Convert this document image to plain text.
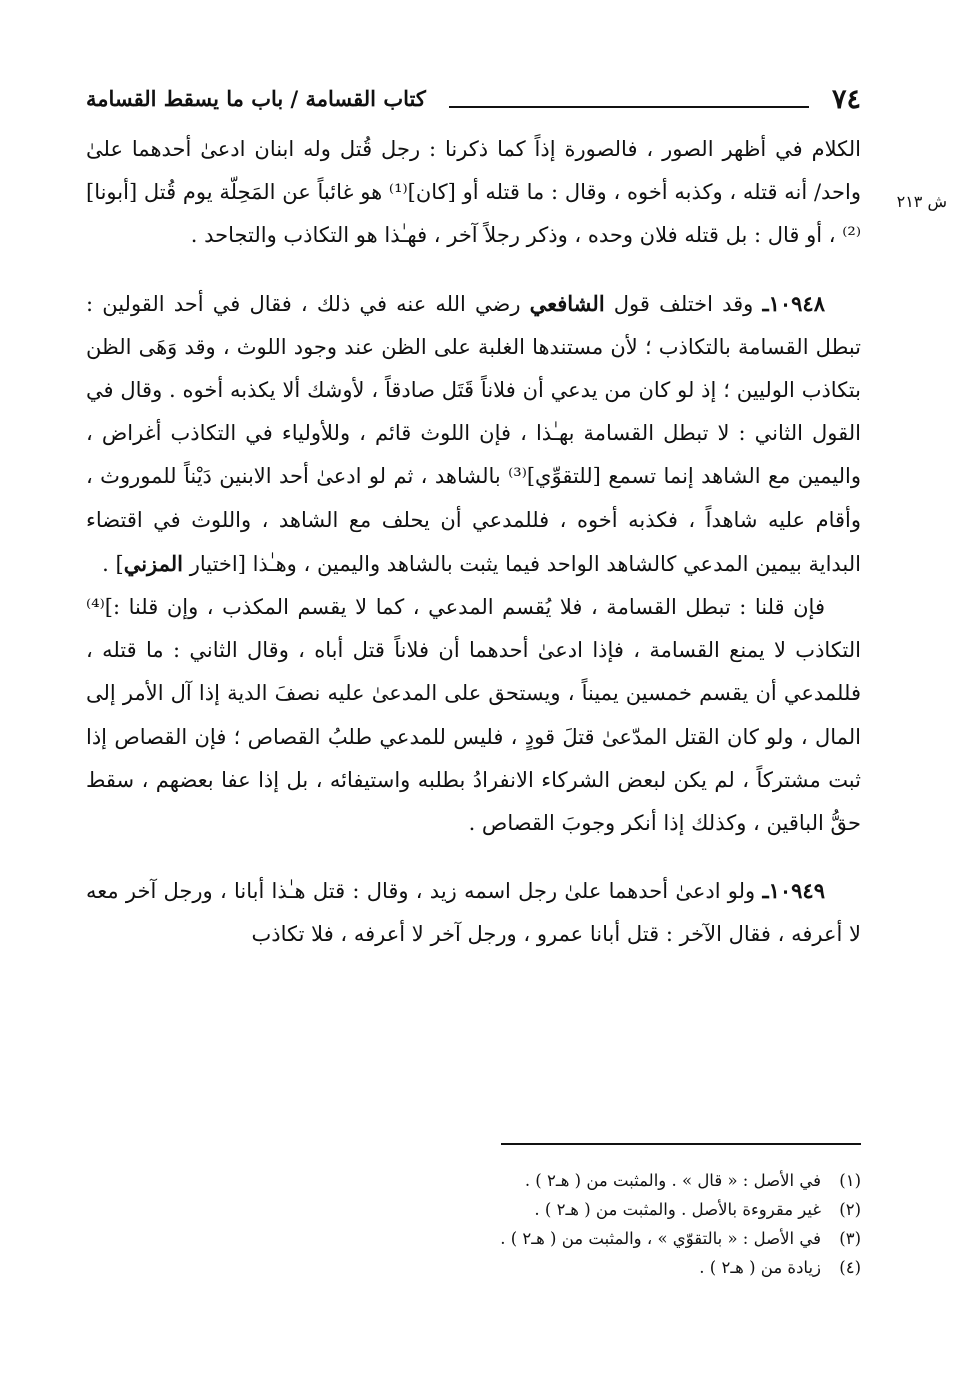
٧٤
كتاب القسامة / باب ما يسقط القسامة
ش ٢١٣

الكلام في أظهر الصور ، فالصورة إذاً كما ذكرنا : رجل قُتل وله ابنان ادعىٰ أحدهما علىٰ واحد/ أنه قتله ، وكذبه أخوه ، وقال : ما قتله أو [كان]⁽¹⁾ هو غائباً عن المَحِلّة يوم قُتل [أبونا]⁽²⁾ ، أو قال : بل قتله فلان وحده ، وذكر رجلاً آخر ، فهـٰذا هو التكاذب والتجاحد .

١٠٩٤٨ـ وقد اختلف قول الشافعي رضي الله عنه في ذلك ، فقال في أحد القولين : تبطل القسامة بالتكاذب ؛ لأن مستندها الغلبة على الظن عند وجود اللوث ، وقد وَهَى الظن بتكاذب الوليين ؛ إذ لو كان من يدعي أن فلاناً قَتَل صادقاً ، لأوشك ألا يكذبه أخوه . وقال في القول الثاني : لا تبطل القسامة بهـٰذا ، فإن اللوث قائم ، وللأولياء في التكاذب أغراض ، واليمين مع الشاهد إنما تسمع [للتقوِّي]⁽³⁾ بالشاهد ، ثم لو ادعىٰ أحد الابنين دَيْناً للموروث ، وأقام عليه شاهداً ، فكذبه أخوه ، فللمدعي أن يحلف مع الشاهد ، واللوث في اقتضاء البداية بيمين المدعي كالشاهد الواحد فيما يثبت بالشاهد واليمين ، وهـٰذا [اختيار المزني] .

فإن قلنا : تبطل القسامة ، فلا يُقسم المدعي ، كما لا يقسم المكذب ، وإن قلنا :]⁽⁴⁾ التكاذب لا يمنع القسامة ، فإذا ادعىٰ أحدهما أن فلاناً قتل أباه ، وقال الثاني : ما قتله ، فللمدعي أن يقسم خمسين يميناً ، ويستحق على المدعىٰ عليه نصفَ الدية إذا آل الأمر إلى المال ، ولو كان القتل المدّعىٰ قتلَ قودٍ ، فليس للمدعي طلبُ القصاص ؛ فإن القصاص إذا ثبت مشتركاً ، لم يكن لبعض الشركاء الانفرادُ بطلبه واستيفائه ، بل إذا عفا بعضهم ، سقط حقُّ الباقين ، وكذلك إذا أنكر وجوبَ القصاص .

١٠٩٤٩ـ ولو ادعىٰ أحدهما علىٰ رجل اسمه زيد ، وقال : قتل هـٰذا أبانا ، ورجل آخر معه لا أعرفه ، فقال الآخر : قتل أبانا عمرو ، ورجل آخر لا أعرفه ، فلا تكاذب

(١)في الأصل : « قال » . والمثبت من ( هـ٢ ) .
(٢)غير مقروءة بالأصل . والمثبت من ( هـ٢ ) .
(٣)في الأصل : « بالتقوّي » ، والمثبت من ( هـ٢ ) .
(٤)زيادة من ( هـ٢ ) .
